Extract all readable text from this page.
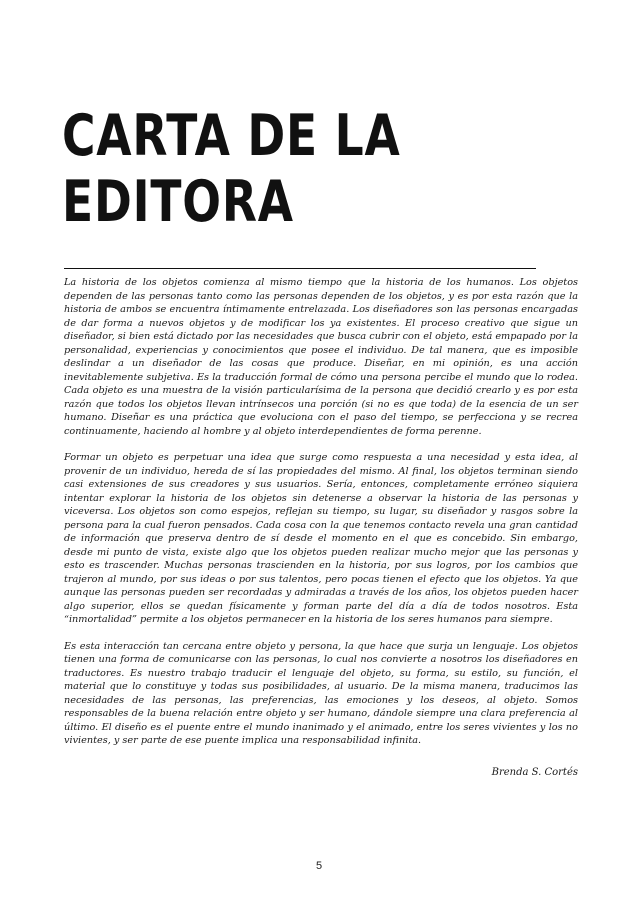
CARTA DE LA
EDITORA

La historia de los objetos comienza al mismo tiempo que la historia de los humanos. Los objetos dependen de las personas tanto como las personas dependen de los objetos, y es por esta razón que la historia de ambos se encuentra íntimamente entrelazada. Los diseñadores son las personas encargadas de dar forma a nuevos objetos y de modificar los ya existentes. El proceso creativo que sigue un diseñador, si bien está dictado por las necesidades que busca cubrir con el objeto, está empapado por la personalidad, experiencias y conocimientos que posee el individuo. De tal manera, que es imposible deslindar a un diseñador de las cosas que produce. Diseñar, en mi opinión, es una acción inevitablemente subjetiva. Es la traducción formal de cómo una persona percibe el mundo que lo rodea. Cada objeto es una muestra de la visión particularísima de la persona que decidió crearlo y es por esta razón que todos los objetos llevan intrínsecos una porción (si no es que toda) de la esencia de un ser humano. Diseñar es una práctica que evoluciona con el paso del tiempo, se perfecciona y se recrea continuamente, haciendo al hombre y al objeto interdependientes de forma perenne.

Formar un objeto es perpetuar una idea que surge como respuesta a una necesidad y esta idea, al provenir de un individuo, hereda de sí las propiedades del mismo. Al final, los objetos terminan siendo casi extensiones de sus creadores y sus usuarios. Sería, entonces, completamente erróneo siquiera intentar explorar la historia de los objetos sin detenerse a observar la historia de las personas y viceversa. Los objetos son como espejos, reflejan su tiempo, su lugar, su diseñador y rasgos sobre la persona para la cual fueron pensados. Cada cosa con la que tenemos contacto revela una gran cantidad de información que preserva dentro de sí desde el momento en el que es concebido. Sin embargo, desde mi punto de vista, existe algo que los objetos pueden realizar mucho mejor que las personas y esto es trascender. Muchas personas trascienden en la historia, por sus logros, por los cambios que trajeron al mundo, por sus ideas o por sus talentos, pero pocas tienen el efecto que los objetos. Ya que aunque las personas pueden ser recordadas y admiradas a través de los años, los objetos pueden hacer algo superior, ellos se quedan físicamente y forman parte del día a día de todos nosotros. Esta “inmortalidad” permite a los objetos permanecer en la historia de los seres humanos para siempre.

Es esta interacción tan cercana entre objeto y persona, la que hace que surja un lenguaje. Los objetos tienen una forma de comunicarse con las personas, lo cual nos convierte a nosotros los diseñadores en traductores. Es nuestro trabajo traducir el lenguaje del objeto, su forma, su estilo, su función, el material que lo constituye y todas sus posibilidades, al usuario. De la misma manera, traducimos las necesidades de las personas, las preferencias, las emociones y los deseos, al objeto. Somos responsables de la buena relación entre objeto y ser humano, dándole siempre una clara preferencia al último. El diseño es el puente entre el mundo inanimado y el animado, entre los seres vivientes y los no vivientes, y ser parte de ese puente implica una responsabilidad infinita.

Brenda S. Cortés
5
